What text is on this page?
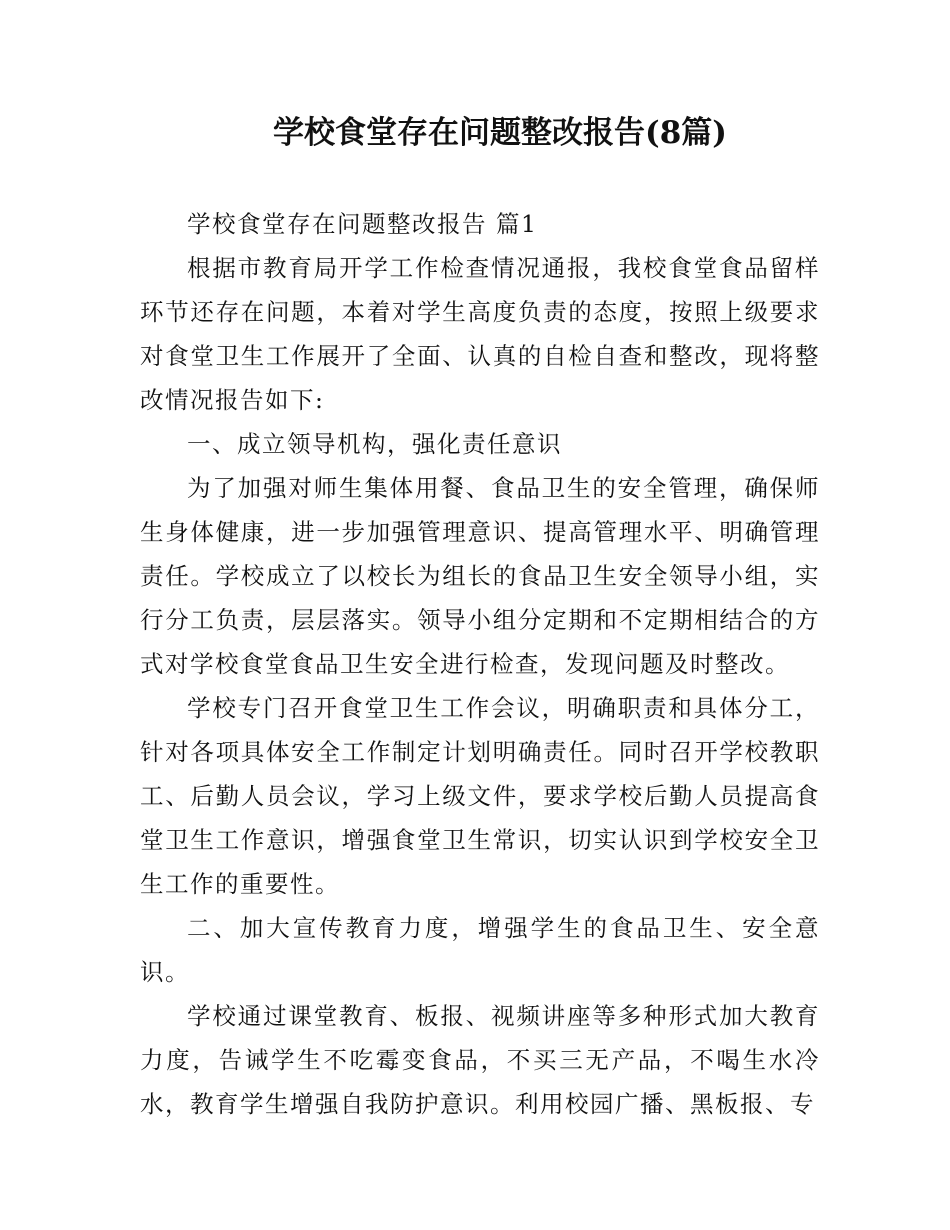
学校食堂存在问题整改报告(8篇)

学校食堂存在问题整改报告 篇1

根据市教育局开学工作检查情况通报，我校食堂食品留样环节还存在问题，本着对学生高度负责的态度，按照上级要求对食堂卫生工作展开了全面、认真的自检自查和整改，现将整改情况报告如下:

一、成立领导机构，强化责任意识

为了加强对师生集体用餐、食品卫生的安全管理，确保师生身体健康，进一步加强管理意识、提高管理水平、明确管理责任。学校成立了以校长为组长的食品卫生安全领导小组，实行分工负责，层层落实。领导小组分定期和不定期相结合的方式对学校食堂食品卫生安全进行检查，发现问题及时整改。

学校专门召开食堂卫生工作会议，明确职责和具体分工，针对各项具体安全工作制定计划明确责任。同时召开学校教职工、后勤人员会议，学习上级文件，要求学校后勤人员提高食堂卫生工作意识，增强食堂卫生常识，切实认识到学校安全卫生工作的重要性。

二、加大宣传教育力度，增强学生的食品卫生、安全意识。

学校通过课堂教育、板报、视频讲座等多种形式加大教育力度，告诫学生不吃霉变食品，不买三无产品，不喝生水冷水，教育学生增强自我防护意识。利用校园广播、黑板报、专
